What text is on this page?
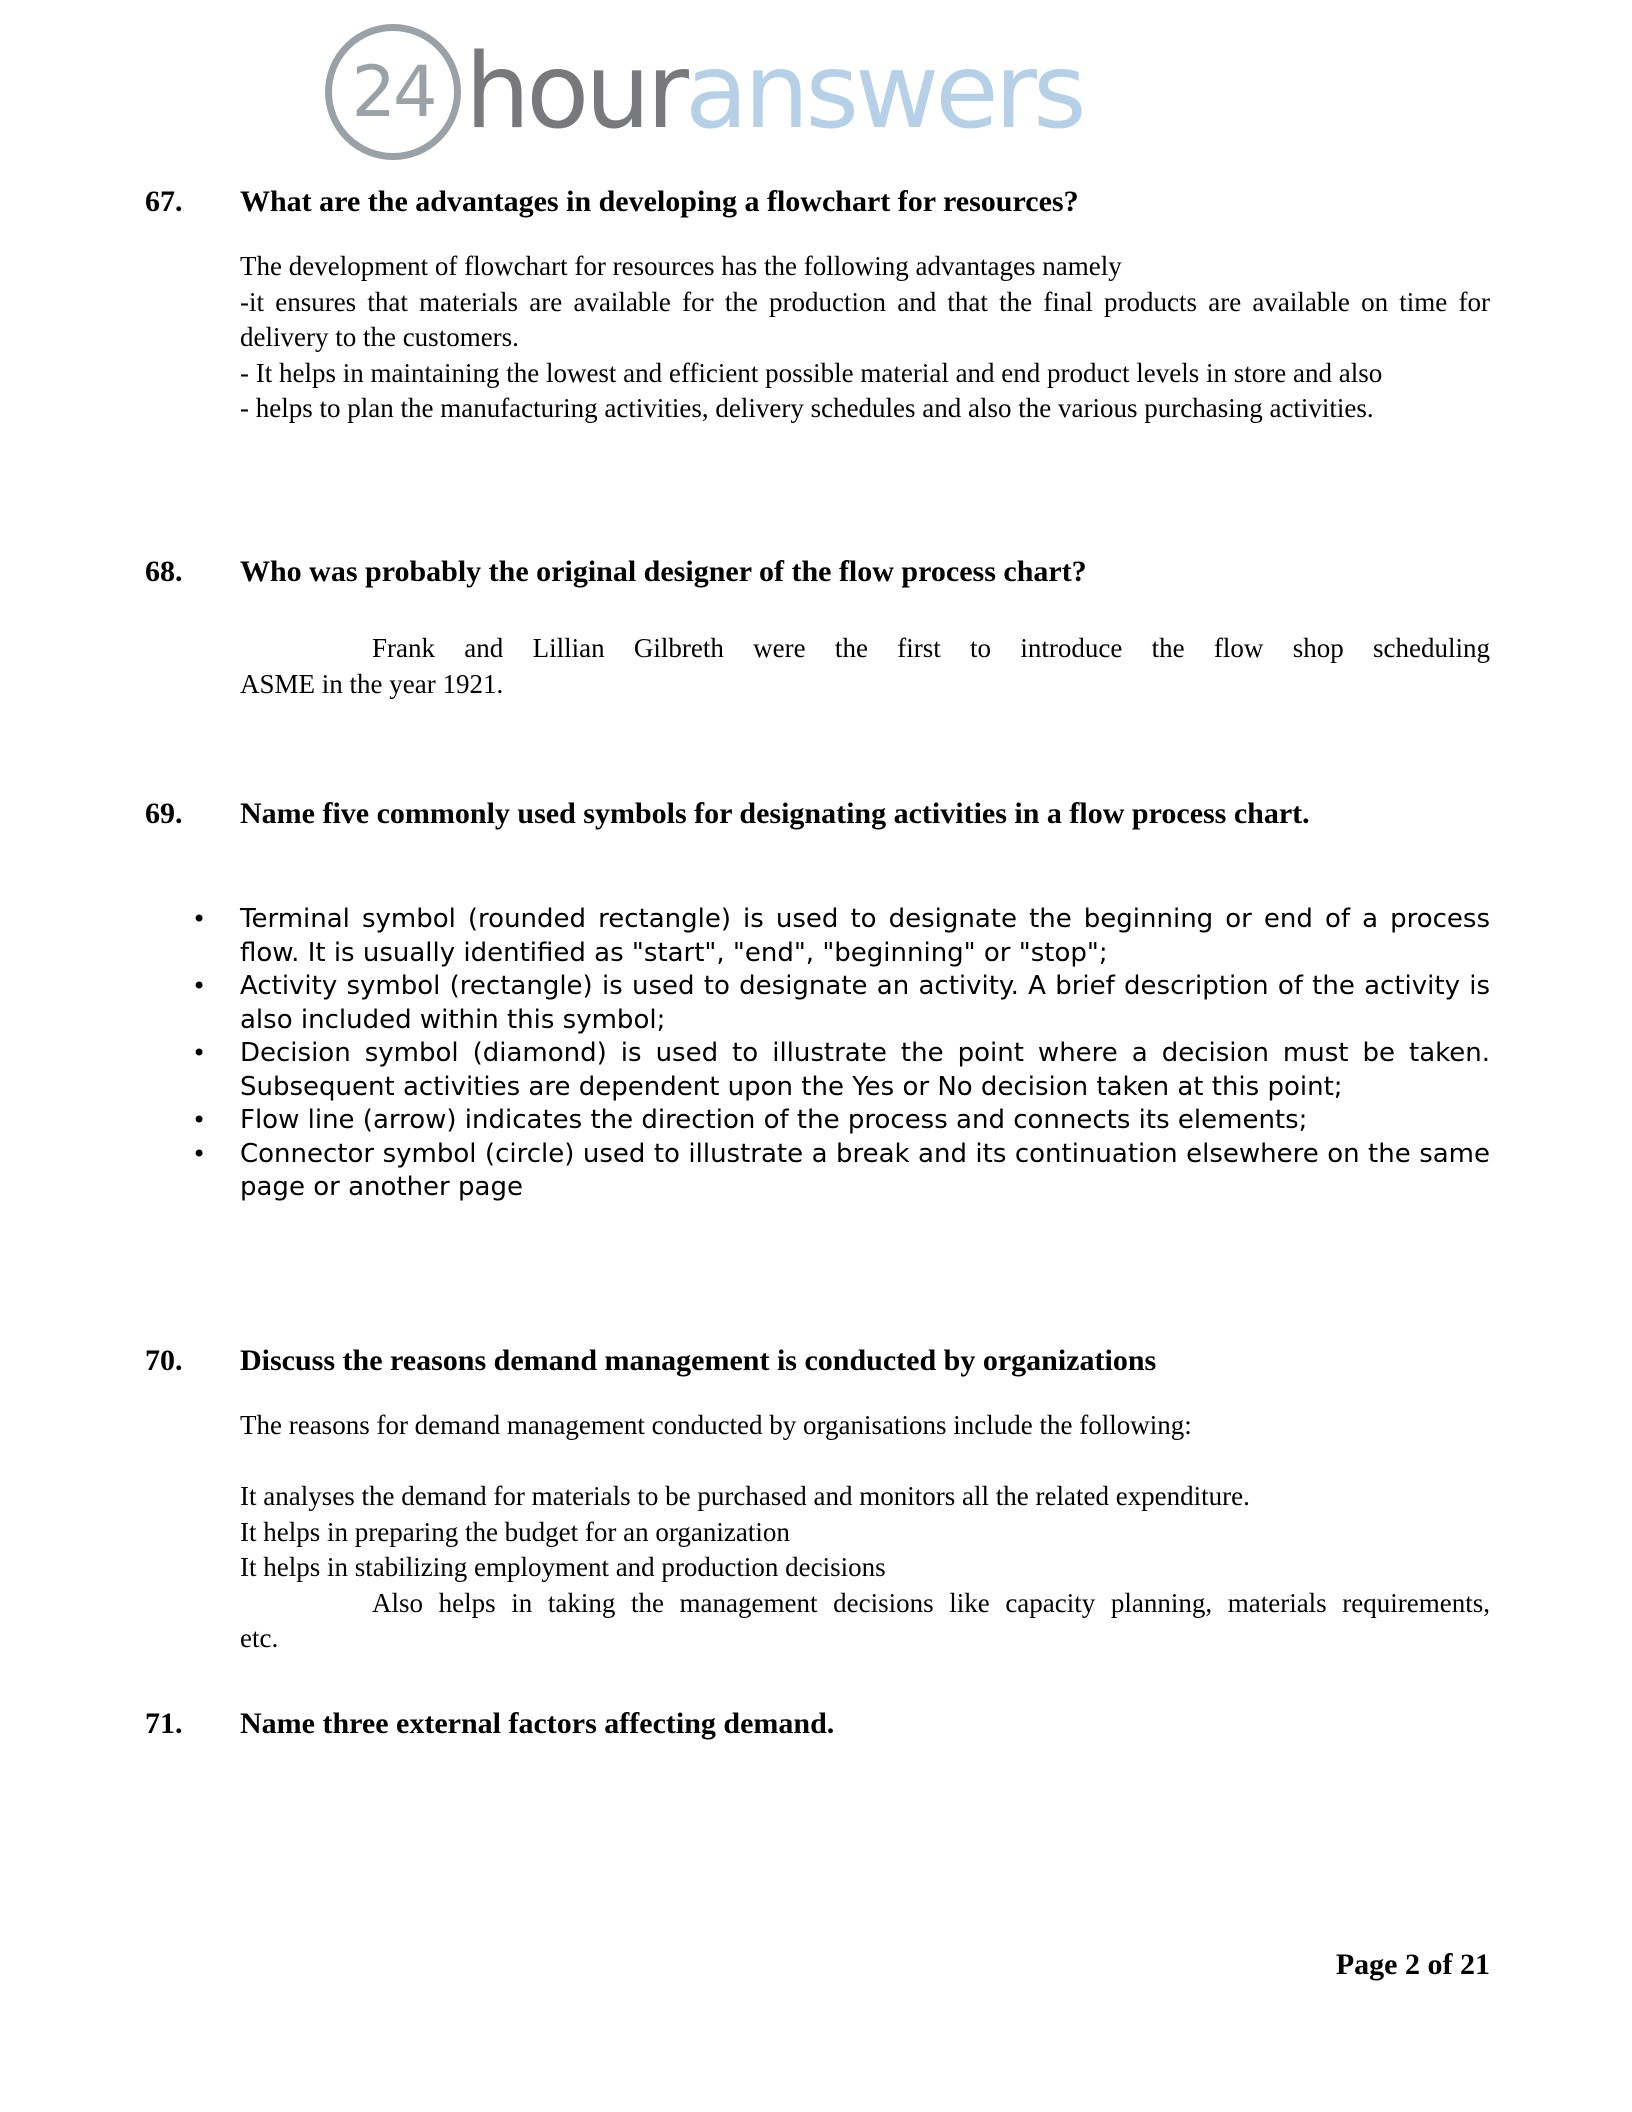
24 houranswers
67.	What are the advantages in developing a flowchart for resources?

The development of flowchart for resources has the following advantages namely

-it ensures that materials are available for the production and that the final products are available on time for delivery to the customers.

- It helps in maintaining the lowest and efficient possible material and end product levels in store and also

- helps to plan the manufacturing activities, delivery schedules and also the various purchasing activities.

68.	Who was probably the original designer of the flow process chart?

Frank and Lillian Gilbreth were the first to introduce the flow shop scheduling

ASME in the year 1921.

69.	Name five commonly used symbols for designating activities in a flow process chart.
• Terminal symbol (rounded rectangle) is used to designate the beginning or end of a process flow. It is usually identified as "start", "end", "beginning" or "stop";
• Activity symbol (rectangle) is used to designate an activity. A brief description of the activity is also included within this symbol;
• Decision symbol (diamond) is used to illustrate the point where a decision must be taken. Subsequent activities are dependent upon the Yes or No decision taken at this point;
• Flow line (arrow) indicates the direction of the process and connects its elements;
• Connector symbol (circle) used to illustrate a break and its continuation elsewhere on the same page or another page
70.	Discuss the reasons demand management is conducted by organizations

The reasons for demand management conducted by organisations include the following:

It analyses the demand for materials to be purchased and monitors all the related expenditure.

It helps in preparing the budget for an organization

It helps in stabilizing employment and production decisions

Also helps in taking the management decisions like capacity planning, materials requirements,

etc.

71.	Name three external factors affecting demand.
Page 2 of 21
